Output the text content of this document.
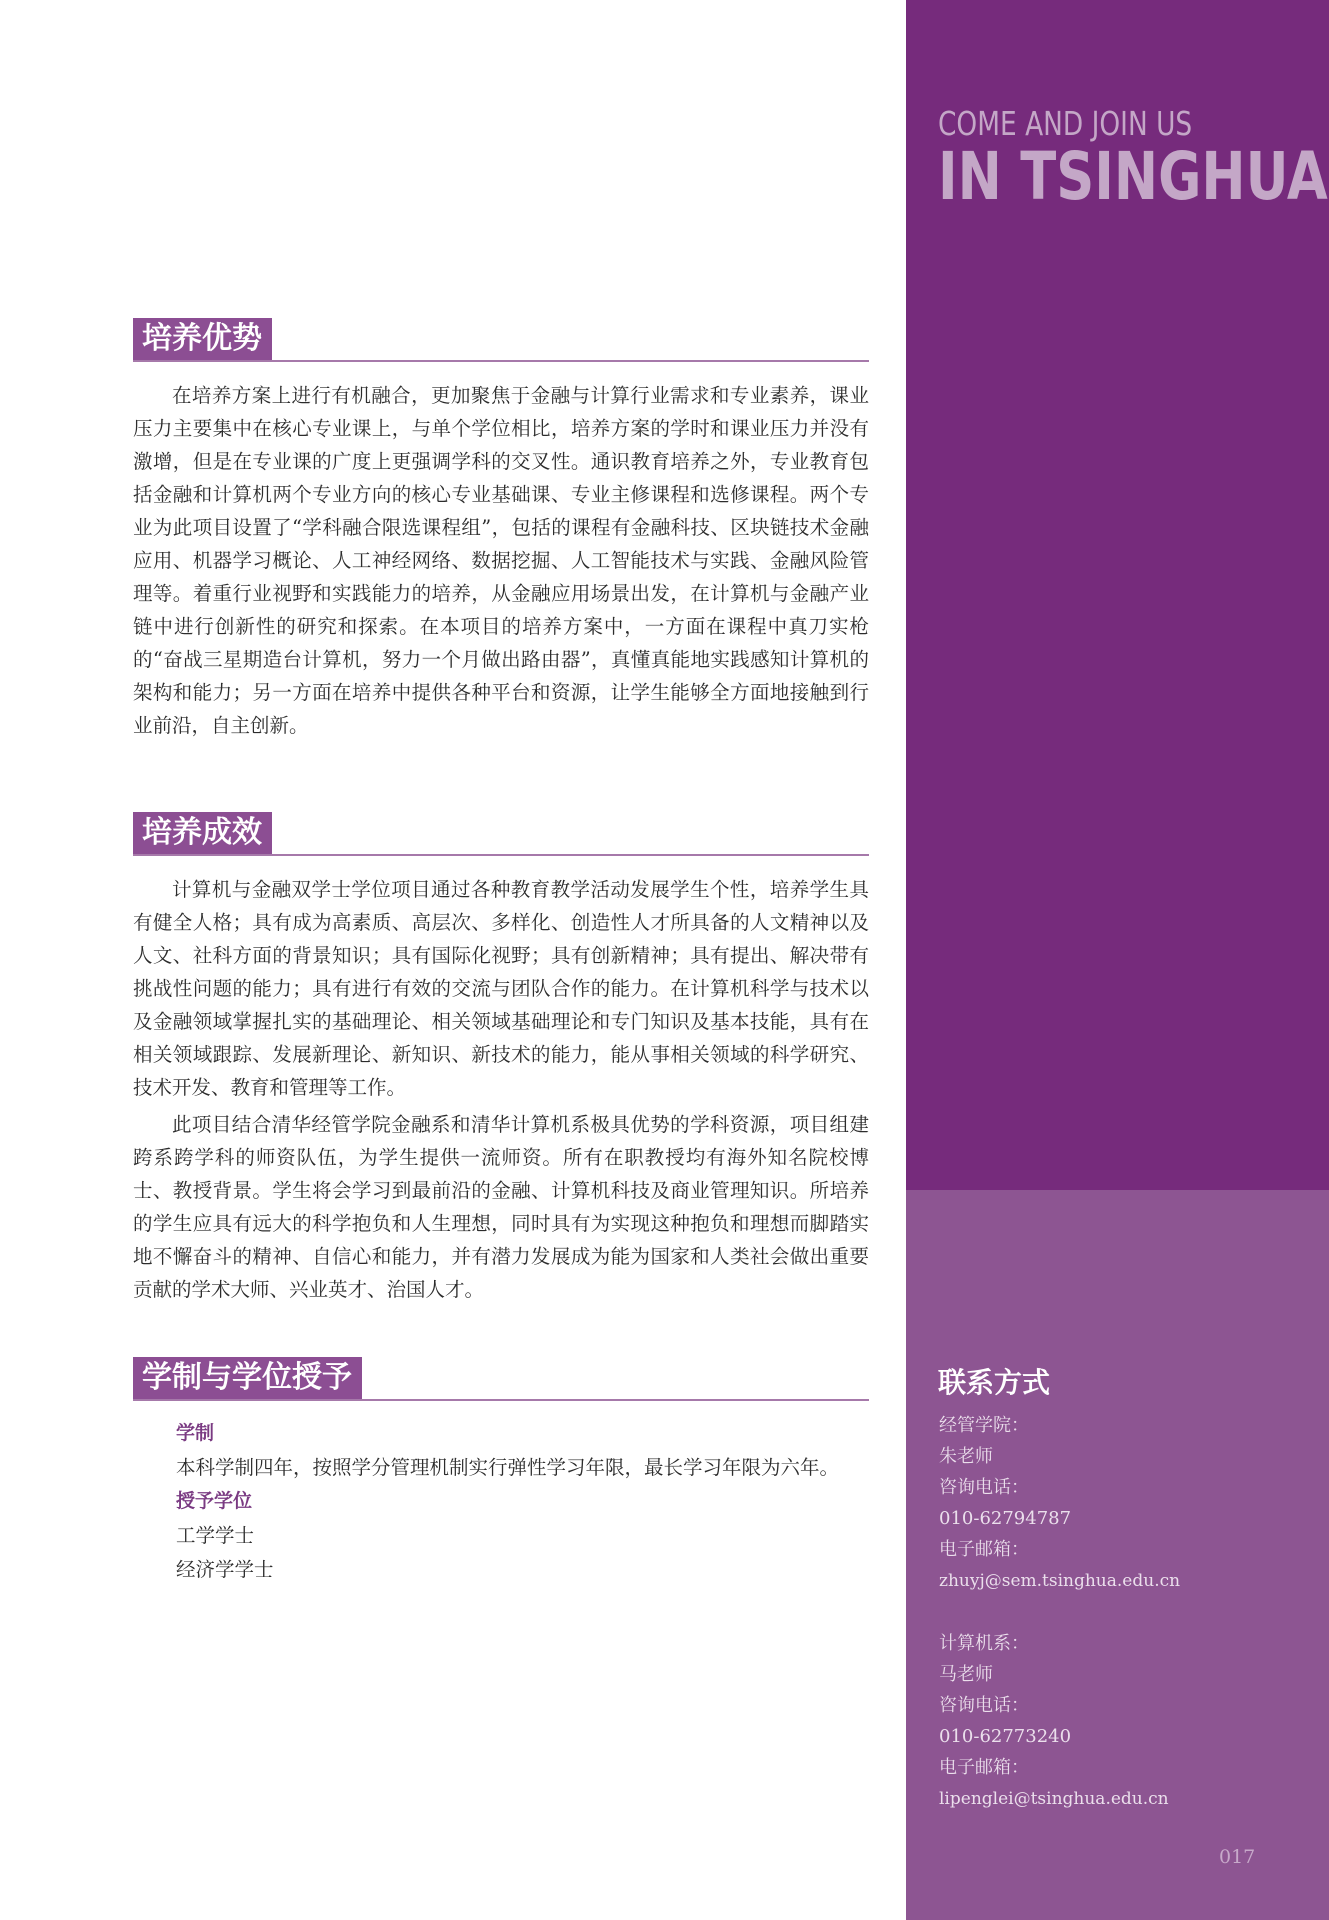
COME AND JOIN US
IN TSINGHUA
培养优势

在培养方案上进行有机融合，更加聚焦于金融与计算行业需求和专业素养，课业压力主要集中在核心专业课上，与单个学位相比，培养方案的学时和课业压力并没有激增，但是在专业课的广度上更强调学科的交叉性。通识教育培养之外，专业教育包括金融和计算机两个专业方向的核心专业基础课、专业主修课程和选修课程。两个专业为此项目设置了“学科融合限选课程组”，包括的课程有金融科技、区块链技术金融应用、机器学习概论、人工神经网络、数据挖掘、人工智能技术与实践、金融风险管理等。着重行业视野和实践能力的培养，从金融应用场景出发，在计算机与金融产业链中进行创新性的研究和探索。在本项目的培养方案中，一方面在课程中真刀实枪的“奋战三星期造台计算机，努力一个月做出路由器”，真懂真能地实践感知计算机的架构和能力；另一方面在培养中提供各种平台和资源，让学生能够全方面地接触到行业前沿，自主创新。

培养成效

计算机与金融双学士学位项目通过各种教育教学活动发展学生个性，培养学生具有健全人格；具有成为高素质、高层次、多样化、创造性人才所具备的人文精神以及人文、社科方面的背景知识；具有国际化视野；具有创新精神；具有提出、解决带有挑战性问题的能力；具有进行有效的交流与团队合作的能力。在计算机科学与技术以及金融领域掌握扎实的基础理论、相关领域基础理论和专门知识及基本技能，具有在相关领域跟踪、发展新理论、新知识、新技术的能力，能从事相关领域的科学研究、技术开发、教育和管理等工作。

此项目结合清华经管学院金融系和清华计算机系极具优势的学科资源，项目组建跨系跨学科的师资队伍，为学生提供一流师资。所有在职教授均有海外知名院校博士、教授背景。学生将会学习到最前沿的金融、计算机科技及商业管理知识。所培养的学生应具有远大的科学抱负和人生理想，同时具有为实现这种抱负和理想而脚踏实地不懈奋斗的精神、自信心和能力，并有潜力发展成为能为国家和人类社会做出重要贡献的学术大师、兴业英才、治国人才。

学制与学位授予

学制

本科学制四年，按照学分管理机制实行弹性学习年限，最长学习年限为六年。

授予学位

工学学士

经济学学士

联系方式

经管学院：

朱老师

咨询电话：

010-62794787

电子邮箱：

zhuyj@sem.tsinghua.edu.cn

计算机系：

马老师

咨询电话：

010-62773240

电子邮箱：

lipenglei@tsinghua.edu.cn

017
